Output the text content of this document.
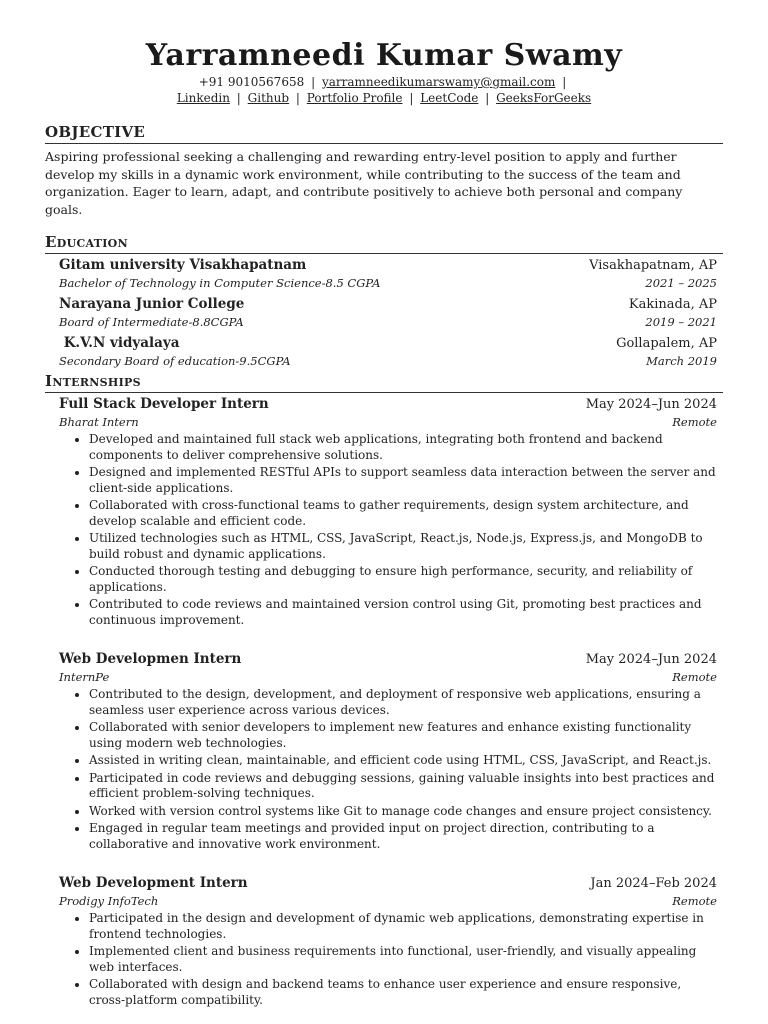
Yarramneedi Kumar Swamy
+91 9010567658 | yarramneedikumarswamy@gmail.com |
Linkedin | Github | Portfolio Profile | LeetCode | GeeksForGeeks
OBJECTIVE

Aspiring professional seeking a challenging and rewarding entry-level position to apply and further develop my skills in a dynamic work environment, while contributing to the success of the team and organization. Eager to learn, adapt, and contribute positively to achieve both personal and company goals.

Education
Gitam university Visakhapatnam	Visakhapatnam, AP
Bachelor of Technology in Computer Science-8.5 CGPA	2021 – 2025
Narayana Junior College	Kakinada, AP
Board of Intermediate-8.8CGPA	2019 – 2021
K.V.N vidyalaya	Gollapalem, AP
Secondary Board of education-9.5CGPA	March 2019
Internships
Full Stack Developer Intern	May 2024–Jun 2024
Bharat Intern	Remote
• Developed and maintained full stack web applications, integrating both frontend and backend components to deliver comprehensive solutions.
• Designed and implemented RESTful APIs to support seamless data interaction between the server and client-side applications.
• Collaborated with cross-functional teams to gather requirements, design system architecture, and develop scalable and efficient code.
• Utilized technologies such as HTML, CSS, JavaScript, React.js, Node.js, Express.js, and MongoDB to build robust and dynamic applications.
• Conducted thorough testing and debugging to ensure high performance, security, and reliability of applications.
• Contributed to code reviews and maintained version control using Git, promoting best practices and continuous improvement.
Web Developmen Intern	May 2024–Jun 2024
InternPe	Remote
• Contributed to the design, development, and deployment of responsive web applications, ensuring a seamless user experience across various devices.
• Collaborated with senior developers to implement new features and enhance existing functionality using modern web technologies.
• Assisted in writing clean, maintainable, and efficient code using HTML, CSS, JavaScript, and React.js.
• Participated in code reviews and debugging sessions, gaining valuable insights into best practices and efficient problem-solving techniques.
• Worked with version control systems like Git to manage code changes and ensure project consistency.
• Engaged in regular team meetings and provided input on project direction, contributing to a collaborative and innovative work environment.
Web Development Intern	Jan 2024–Feb 2024
Prodigy InfoTech	Remote
• Participated in the design and development of dynamic web applications, demonstrating expertise in frontend technologies.
• Implemented client and business requirements into functional, user-friendly, and visually appealing web interfaces.
• Collaborated with design and backend teams to enhance user experience and ensure responsive, cross-platform compatibility.
